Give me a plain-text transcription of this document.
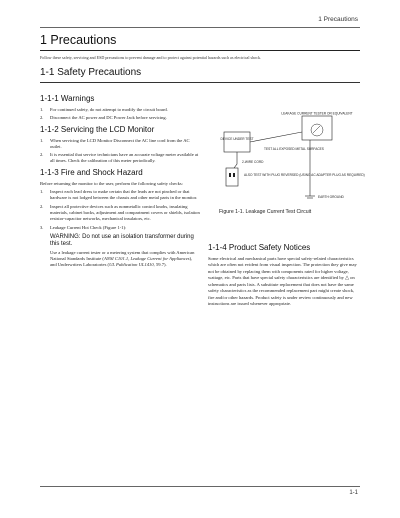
1 Precautions
1 Precautions
Follow these safety, servicing and ESD precautions to prevent damage and to protect against potential hazards such as electrical shock.
1-1 Safety Precautions
1-1-1 Warnings
1. For continued safety, do not attempt to modify the circuit board.
2. Disconnect the AC power and DC Power Jack before servicing.
1-1-2 Servicing the LCD Monitor
1. When servicing the LCD Monitor Disconnect the AC line cord from the AC outlet.
2. It is essential that service technicians have an accurate voltage meter available at all times. Check the calibration of this meter periodically.
1-1-3 Fire and Shock Hazard

Before returning the monitor to the user, perform the following safety checks:

1. Inspect each lead dress to make certain that the leads are not pinched or that hardware is not lodged between the chassis and other metal parts in the monitor.
2. Inspect all protective devices such as nonmetallic control knobs, insulating materials, cabinet backs, adjustment and compartment covers or shields, isolation resistor-capacitor networks, mechanical insulators, etc.
3. Leakage Current Hot Check (Figure 1-1):
WARNING: Do not use an isolation transformer during this test.

Use a leakage current tester or a metering system that complies with American National Standards Institute (ANSI C101.1, Leakage Current for Appliances), and Underwriters Laboratories (UL Publication UL1410, 59.7).

DEVICE UNDER TEST
LEAKAGE CURRENT TESTER OR EQUIVALENT
TEST ALL EXPOSED METAL SURFACES
EARTH GROUND
2-WIRE CORD
ALSO TEST WITH PLUG REVERSED (USING AC ADAPTER PLUG AS REQUIRED)
Figure 1-1. Leakage Current Test Circuit
1-1-4 Product Safety Notices

Some electrical and mechanical parts have special safety-related characteristics which are often not evident from visual inspection. The protection they give may not be obtained by replacing them with components rated for higher voltage, wattage, etc. Parts that have special safety characteristics are identified by △ on schematics and parts lists. A substitute replacement that does not have the same safety characteristics as the recommended replacement part might create shock, fire and/or other hazards. Product safety is under review continuously and new instructions are issued whenever appropriate.

1-1
